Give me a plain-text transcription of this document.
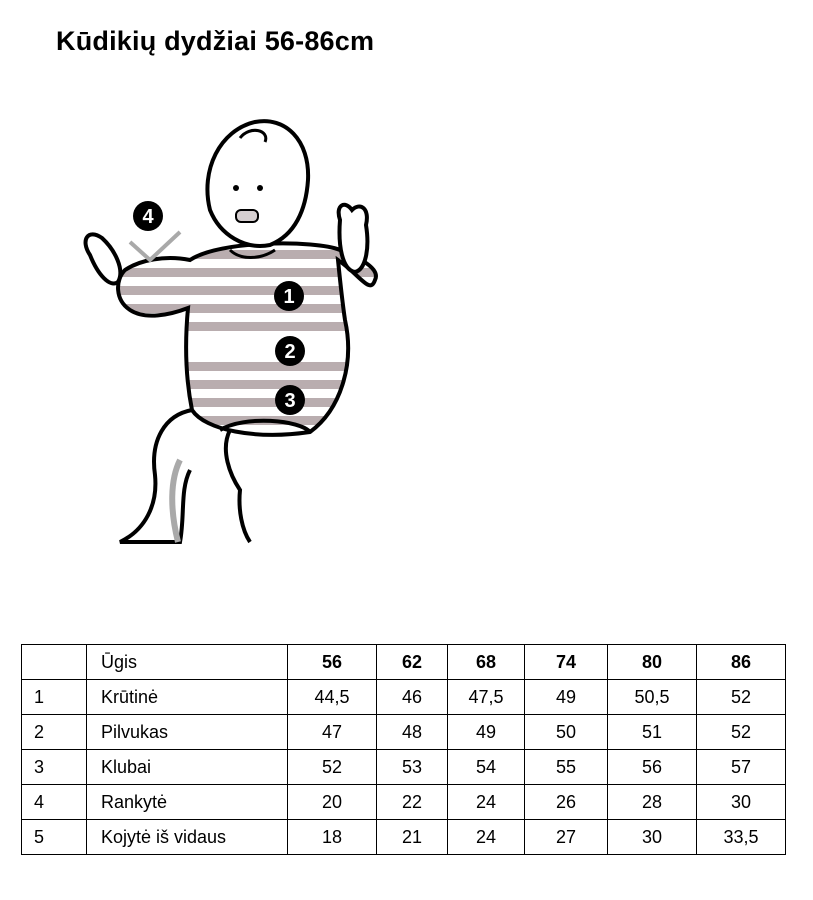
Kūdikių dydžiai 56-86cm
4
1
2
3
	Ūgis	56	62	68	74	80	86
1	Krūtinė	44,5	46	47,5	49	50,5	52
2	Pilvukas	47	48	49	50	51	52
3	Klubai	52	53	54	55	56	57
4	Rankytė	20	22	24	26	28	30
5	Kojytė iš vidaus	18	21	24	27	30	33,5
